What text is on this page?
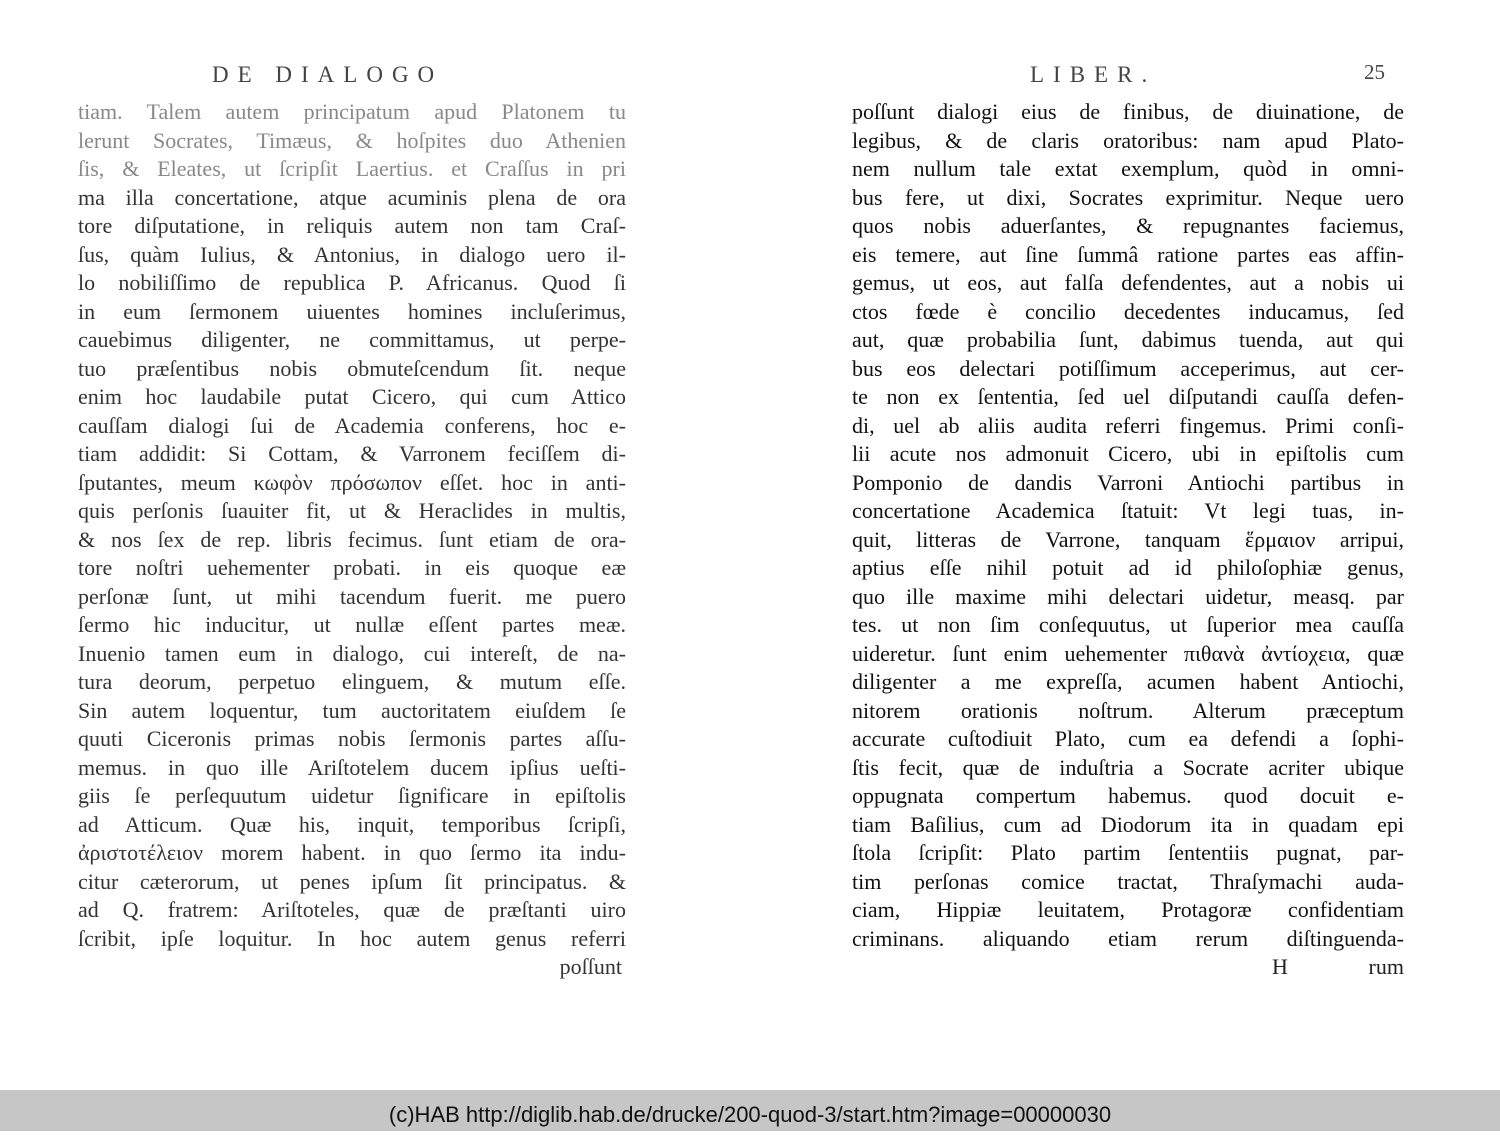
DE DIALOGO
tiam. Talem autem principatum apud Platonem tu
lerunt Socrates, Timæus, & hoſpites duo Athenien
ſis, & Eleates, ut ſcripſit Laertius. et Craſſus in pri
ma illa concertatione, atque acuminis plena de ora
tore diſputatione, in reliquis autem non tam Craſ-
ſus, quàm Iulius, & Antonius, in dialogo uero il-
lo nobiliſſimo de republica P. Africanus. Quod ſi
in eum ſermonem uiuentes homines incluſerimus,
cauebimus diligenter, ne committamus, ut perpe-
tuo præſentibus nobis obmuteſcendum ſit. neque
enim hoc laudabile putat Cicero, qui cum Attico
cauſſam dialogi ſui de Academia conferens, hoc e-
tiam addidit: Si Cottam, & Varronem feciſſem di-
ſputantes, meum κωφὸν πρόσωπον eſſet. hoc in anti-
quis perſonis ſuauiter fit, ut & Heraclides in multis,
& nos ſex de rep. libris fecimus. ſunt etiam de ora-
tore noſtri uehementer probati. in eis quoque eæ
perſonæ ſunt, ut mihi tacendum fuerit. me puero
ſermo hic inducitur, ut nullæ eſſent partes meæ.
Inuenio tamen eum in dialogo, cui intereſt, de na-
tura deorum, perpetuo elinguem, & mutum eſſe.
Sin autem loquentur, tum auctoritatem eiuſdem ſe
quuti Ciceronis primas nobis ſermonis partes aſſu-
memus. in quo ille Ariſtotelem ducem ipſius ueſti-
giis ſe perſequutum uidetur ſignificare in epiſtolis
ad Atticum. Quæ his, inquit, temporibus ſcripſi,
ἀριστοτέλειον morem habent. in quo ſermo ita indu-
citur cæterorum, ut penes ipſum ſit principatus. &
ad Q. fratrem: Ariſtoteles, quæ de præſtanti uiro
ſcribit, ipſe loquitur. In hoc autem genus referri
poſſunt
LIBER.	25
poſſunt dialogi eius de finibus, de diuinatione, de
legibus, & de claris oratoribus: nam apud Plato-
nem nullum tale extat exemplum, quòd in omni-
bus fere, ut dixi, Socrates exprimitur. Neque uero
quos nobis aduerſantes, & repugnantes faciemus,
eis temere, aut ſine ſummâ ratione partes eas affin-
gemus, ut eos, aut falſa defendentes, aut a nobis ui
ctos fœde è concilio decedentes inducamus, ſed
aut, quæ probabilia ſunt, dabimus tuenda, aut qui
bus eos delectari potiſſimum acceperimus, aut cer-
te non ex ſententia, ſed uel diſputandi cauſſa defen-
di, uel ab aliis audita referri fingemus. Primi conſi-
lii acute nos admonuit Cicero, ubi in epiſtolis cum
Pomponio de dandis Varroni Antiochi partibus in
concertatione Academica ſtatuit: Vt legi tuas, in-
quit, litteras de Varrone, tanquam ἕρμαιον arripui,
aptius eſſe nihil potuit ad id philoſophiæ genus,
quo ille maxime mihi delectari uidetur, measq. par
tes. ut non ſim conſequutus, ut ſuperior mea cauſſa
uideretur. ſunt enim uehementer πιθανὰ ἀντίοχεια, quæ
diligenter a me expreſſa, acumen habent Antiochi,
nitorem orationis noſtrum. Alterum præceptum
accurate cuſtodiuit Plato, cum ea defendi a ſophi-
ſtis fecit, quæ de induſtria a Socrate acriter ubique
oppugnata compertum habemus. quod docuit e-
tiam Baſilius, cum ad Diodorum ita in quadam epi
ſtola ſcripſit: Plato partim ſententiis pugnat, par-
tim perſonas comice tractat, Thraſymachi auda-
ciam, Hippiæ leuitatem, Protagoræ confidentiam
criminans. aliquando etiam rerum diſtinguenda-
H	rum
(c)HAB http://diglib.hab.de/drucke/200-quod-3/start.htm?image=00000030
